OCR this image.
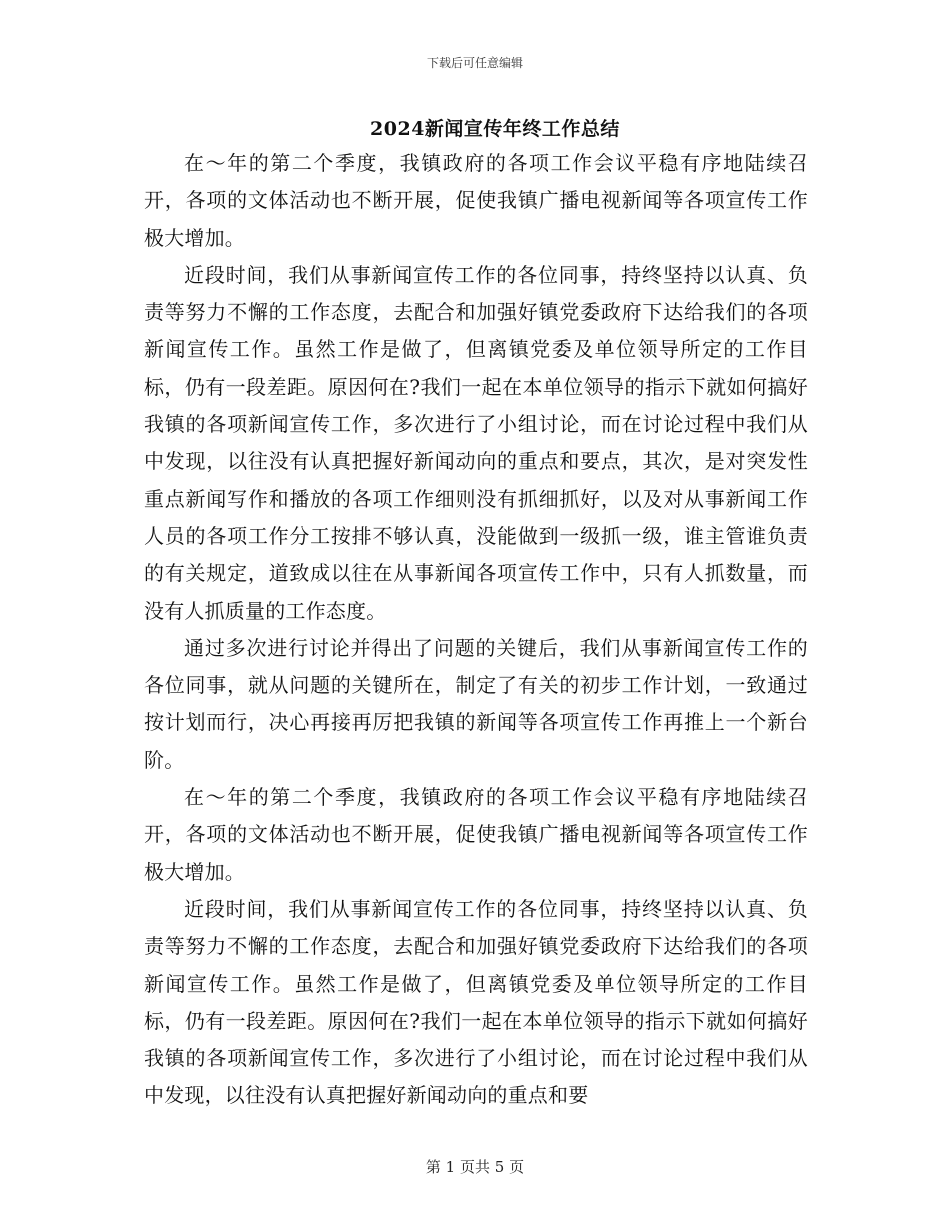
下载后可任意编辑
2024新闻宣传年终工作总结

在～年的第二个季度，我镇政府的各项工作会议平稳有序地陆续召开，各项的文体活动也不断开展，促使我镇广播电视新闻等各项宣传工作极大增加。

近段时间，我们从事新闻宣传工作的各位同事，持终坚持以认真、负责等努力不懈的工作态度，去配合和加强好镇党委政府下达给我们的各项新闻宣传工作。虽然工作是做了，但离镇党委及单位领导所定的工作目标，仍有一段差距。原因何在?我们一起在本单位领导的指示下就如何搞好我镇的各项新闻宣传工作，多次进行了小组讨论，而在讨论过程中我们从中发现，以往没有认真把握好新闻动向的重点和要点，其次，是对突发性重点新闻写作和播放的各项工作细则没有抓细抓好，以及对从事新闻工作人员的各项工作分工按排不够认真，没能做到一级抓一级，谁主管谁负责的有关规定，道致成以往在从事新闻各项宣传工作中，只有人抓数量，而没有人抓质量的工作态度。

通过多次进行讨论并得出了问题的关键后，我们从事新闻宣传工作的各位同事，就从问题的关键所在，制定了有关的初步工作计划，一致通过按计划而行，决心再接再厉把我镇的新闻等各项宣传工作再推上一个新台阶。

在～年的第二个季度，我镇政府的各项工作会议平稳有序地陆续召开，各项的文体活动也不断开展，促使我镇广播电视新闻等各项宣传工作极大增加。

近段时间，我们从事新闻宣传工作的各位同事，持终坚持以认真、负责等努力不懈的工作态度，去配合和加强好镇党委政府下达给我们的各项新闻宣传工作。虽然工作是做了，但离镇党委及单位领导所定的工作目标，仍有一段差距。原因何在?我们一起在本单位领导的指示下就如何搞好我镇的各项新闻宣传工作，多次进行了小组讨论，而在讨论过程中我们从中发现，以往没有认真把握好新闻动向的重点和要

第 1 页共 5 页
